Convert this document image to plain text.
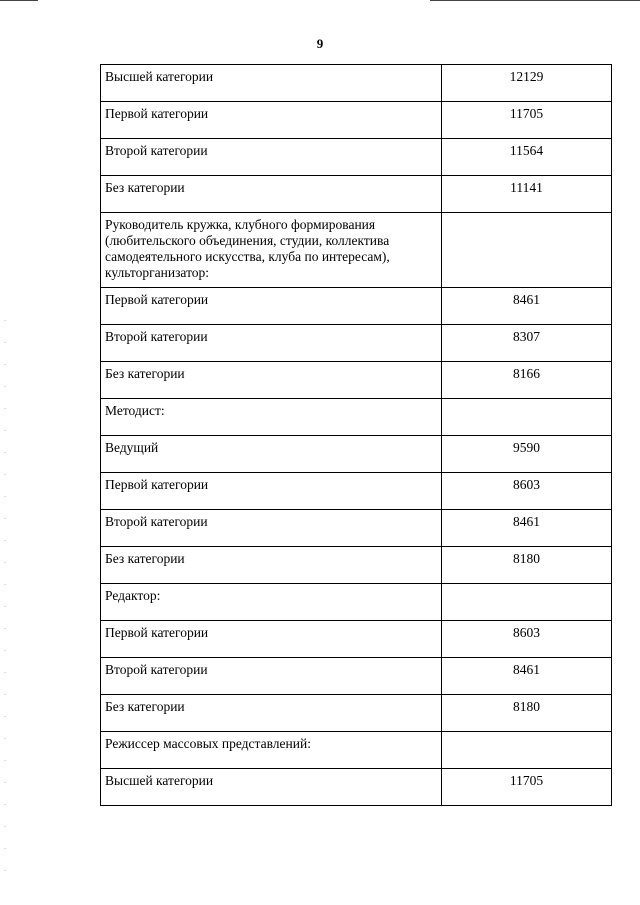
9
Высшей категории	12129
Первой категории	11705
Второй категории	11564
Без категории	11141
Руководитель кружка, клубного формирования (любительского объединения, студии, коллектива самодеятельного искусства, клуба по интересам), культорганизатор:	
Первой категории	8461
Второй категории	8307
Без категории	8166
Методист:	
Ведущий	9590
Первой категории	8603
Второй категории	8461
Без категории	8180
Редактор:	
Первой категории	8603
Второй категории	8461
Без категории	8180
Режиссер массовых представлений:	
Высшей категории	11705
